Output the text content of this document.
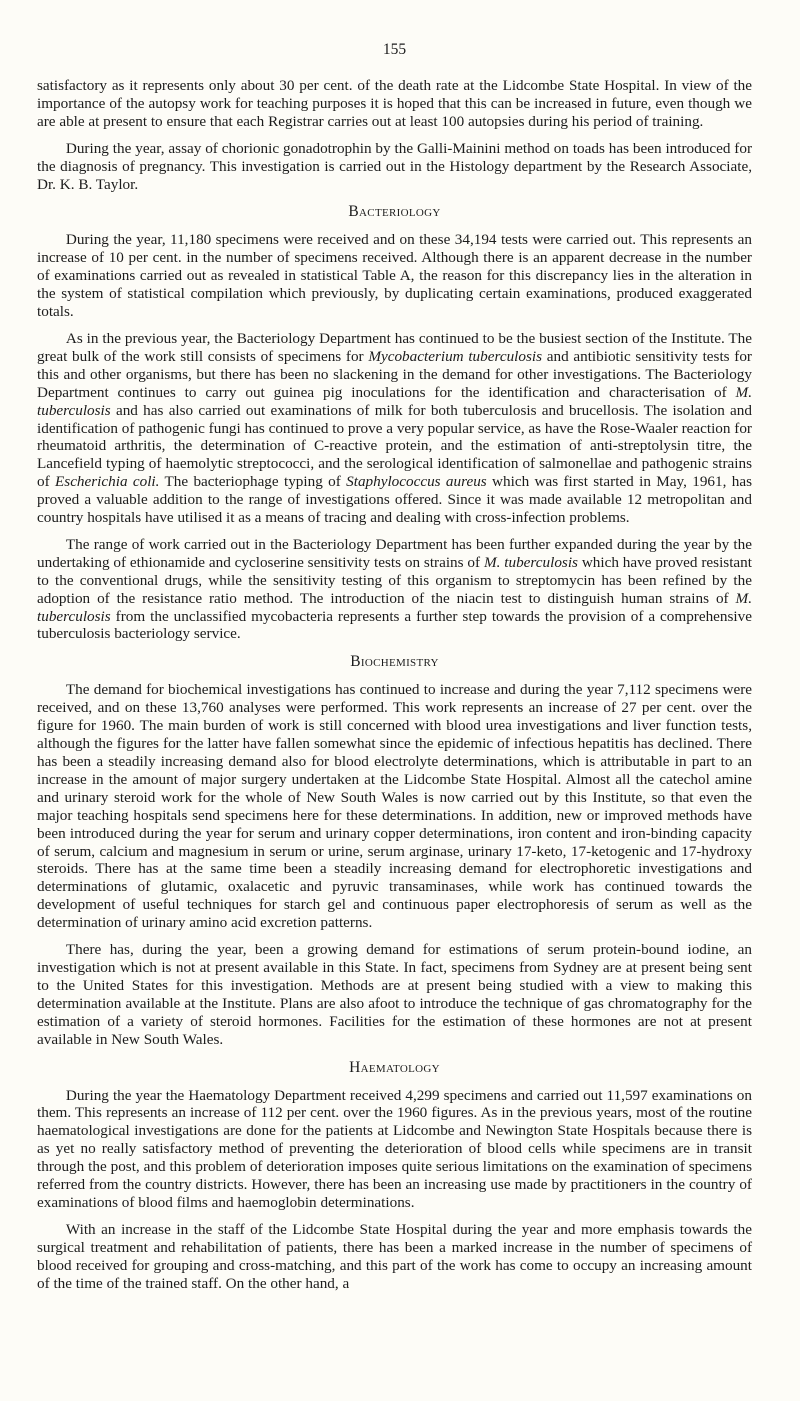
155

satisfactory as it represents only about 30 per cent. of the death rate at the Lidcombe State Hospital. In view of the importance of the autopsy work for teaching purposes it is hoped that this can be increased in future, even though we are able at present to ensure that each Registrar carries out at least 100 autopsies during his period of training.

During the year, assay of chorionic gonadotrophin by the Galli-Mainini method on toads has been introduced for the diagnosis of pregnancy. This investigation is carried out in the Histology department by the Research Associate, Dr. K. B. Taylor.

Bacteriology

During the year, 11,180 specimens were received and on these 34,194 tests were carried out. This represents an increase of 10 per cent. in the number of specimens received. Although there is an apparent decrease in the number of examinations carried out as revealed in statistical Table A, the reason for this discrepancy lies in the alteration in the system of statistical compilation which previously, by duplicating certain examinations, produced exaggerated totals.

As in the previous year, the Bacteriology Department has continued to be the busiest section of the Institute. The great bulk of the work still consists of specimens for Mycobacterium tuberculosis and antibiotic sensitivity tests for this and other organisms, but there has been no slackening in the demand for other investigations. The Bacteriology Department continues to carry out guinea pig inoculations for the identification and characterisation of M. tuberculosis and has also carried out examinations of milk for both tuberculosis and brucellosis. The isolation and identification of pathogenic fungi has continued to prove a very popular service, as have the Rose-Waaler reaction for rheumatoid arthritis, the determination of C-reactive protein, and the estimation of anti-streptolysin titre, the Lancefield typing of haemolytic streptococci, and the serological identification of salmonellae and pathogenic strains of Escherichia coli. The bacteriophage typing of Staphylococcus aureus which was first started in May, 1961, has proved a valuable addition to the range of investigations offered. Since it was made available 12 metropolitan and country hospitals have utilised it as a means of tracing and dealing with cross-infection problems.

The range of work carried out in the Bacteriology Department has been further expanded during the year by the undertaking of ethionamide and cycloserine sensitivity tests on strains of M. tuberculosis which have proved resistant to the conventional drugs, while the sensitivity testing of this organism to streptomycin has been refined by the adoption of the resistance ratio method. The introduction of the niacin test to distinguish human strains of M. tuberculosis from the unclassified mycobacteria represents a further step towards the provision of a comprehensive tuberculosis bacteriology service.

Biochemistry

The demand for biochemical investigations has continued to increase and during the year 7,112 specimens were received, and on these 13,760 analyses were performed. This work represents an increase of 27 per cent. over the figure for 1960. The main burden of work is still concerned with blood urea investigations and liver function tests, although the figures for the latter have fallen somewhat since the epidemic of infectious hepatitis has declined. There has been a steadily increasing demand also for blood electrolyte determinations, which is attributable in part to an increase in the amount of major surgery undertaken at the Lidcombe State Hospital. Almost all the catechol amine and urinary steroid work for the whole of New South Wales is now carried out by this Institute, so that even the major teaching hospitals send specimens here for these determinations. In addition, new or improved methods have been introduced during the year for serum and urinary copper determinations, iron content and iron-binding capacity of serum, calcium and magnesium in serum or urine, serum arginase, urinary 17-keto, 17-ketogenic and 17-hydroxy steroids. There has at the same time been a steadily increasing demand for electrophoretic investigations and determinations of glutamic, oxalacetic and pyruvic transaminases, while work has continued towards the development of useful techniques for starch gel and continuous paper electrophoresis of serum as well as the determination of urinary amino acid excretion patterns.

There has, during the year, been a growing demand for estimations of serum protein-bound iodine, an investigation which is not at present available in this State. In fact, specimens from Sydney are at present being sent to the United States for this investigation. Methods are at present being studied with a view to making this determination available at the Institute. Plans are also afoot to introduce the technique of gas chromatography for the estimation of a variety of steroid hormones. Facilities for the estimation of these hormones are not at present available in New South Wales.

Haematology

During the year the Haematology Department received 4,299 specimens and carried out 11,597 examinations on them. This represents an increase of 112 per cent. over the 1960 figures. As in the previous years, most of the routine haematological investigations are done for the patients at Lidcombe and Newington State Hospitals because there is as yet no really satisfactory method of preventing the deterioration of blood cells while specimens are in transit through the post, and this problem of deterioration imposes quite serious limitations on the examination of specimens referred from the country districts. However, there has been an increasing use made by practitioners in the country of examinations of blood films and haemoglobin determinations.

With an increase in the staff of the Lidcombe State Hospital during the year and more emphasis towards the surgical treatment and rehabilitation of patients, there has been a marked increase in the number of specimens of blood received for grouping and cross-matching, and this part of the work has come to occupy an increasing amount of the time of the trained staff. On the other hand, a
